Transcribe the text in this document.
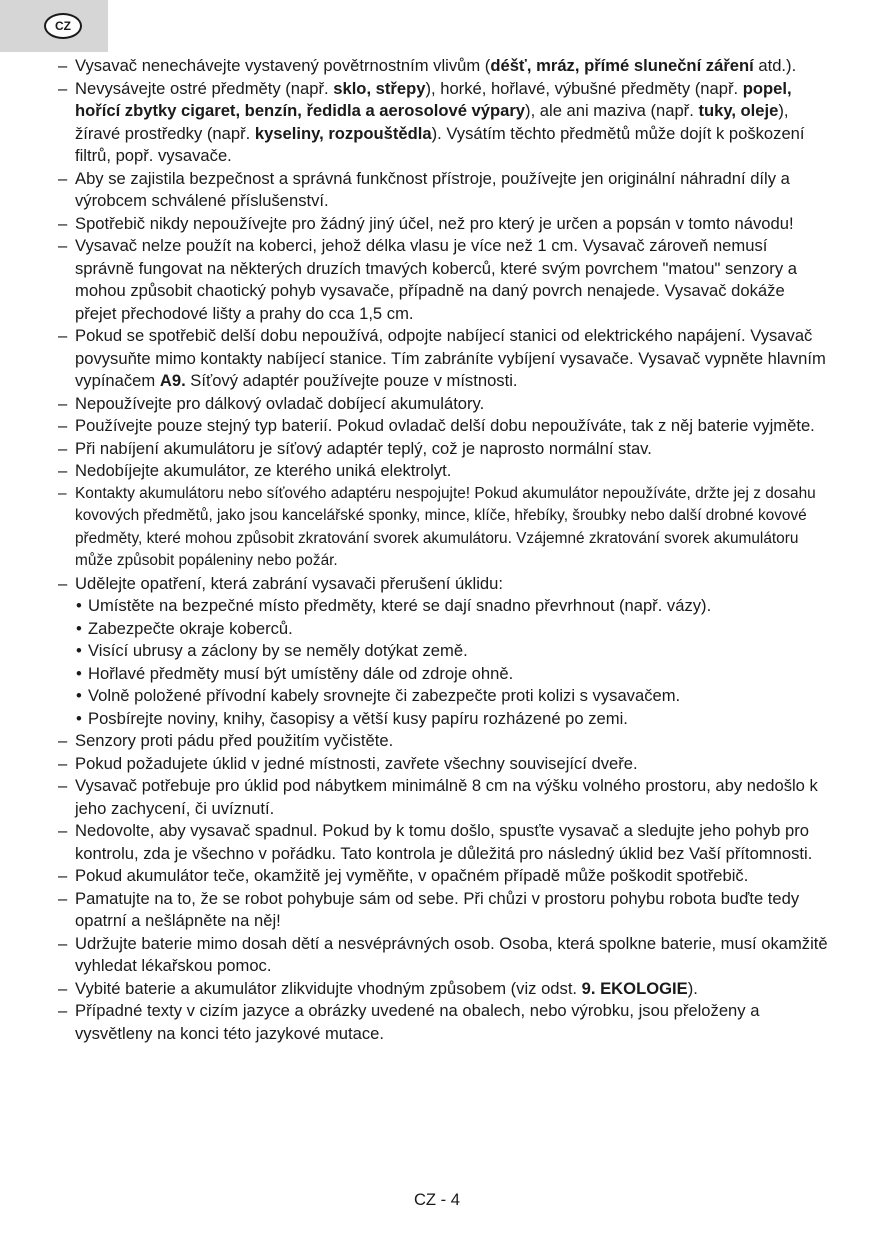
CZ
– Vysavač nenechávejte vystavený povětrnostním vlivům (déšť, mráz, přímé sluneční záření atd.).
– Nevysávejte ostré předměty (např. sklo, střepy), horké, hořlavé, výbušné předměty (např. popel, hořící zbytky cigaret, benzín, ředidla a aerosolové výpary), ale ani maziva (např. tuky, oleje), žíravé prostředky (např. kyseliny, rozpouštědla). Vysátím těchto předmětů může dojít k poškození filtrů, popř. vysavače.
– Aby se zajistila bezpečnost a správná funkčnost přístroje, používejte jen originální náhradní díly a výrobcem schválené příslušenství.
– Spotřebič nikdy nepoužívejte pro žádný jiný účel, než pro který je určen a popsán v tomto návodu!
– Vysavač nelze použít na koberci, jehož délka vlasu je více než 1 cm. Vysavač zároveň nemusí správně fungovat na některých druzích tmavých koberců, které svým povrchem "matou" senzory a mohou způsobit chaotický pohyb vysavače, případně na daný povrch nenajede. Vysavač dokáže přejet přechodové lišty a prahy do cca 1,5 cm.
– Pokud se spotřebič delší dobu nepoužívá, odpojte nabíjecí stanici od elektrického napájení. Vysavač povysuňte mimo kontakty nabíjecí stanice. Tím zabráníte vybíjení vysavače. Vysavač vypněte hlavním vypínačem A9. Síťový adaptér používejte pouze v místnosti.
– Nepoužívejte pro dálkový ovladač dobíjecí akumulátory.
– Používejte pouze stejný typ baterií. Pokud ovladač delší dobu nepoužíváte, tak z něj baterie vyjměte.
– Při nabíjení akumulátoru je síťový adaptér teplý, což je naprosto normální stav.
– Nedobíjejte akumulátor, ze kterého uniká elektrolyt.
– Kontakty akumulátoru nebo síťového adaptéru nespojujte! Pokud akumulátor nepoužíváte, držte jej z dosahu kovových předmětů, jako jsou kancelářské sponky, mince, klíče, hřebíky, šroubky nebo další drobné kovové předměty, které mohou způsobit zkratování svorek akumulátoru. Vzájemné zkratování svorek akumulátoru může způsobit popáleniny nebo požár.
– Udělejte opatření, která zabrání vysavači přerušení úklidu:
• Umístěte na bezpečné místo předměty, které se dají snadno převrhnout (např. vázy).
• Zabezpečte okraje koberců.
• Visící ubrusy a záclony by se neměly dotýkat země.
• Hořlavé předměty musí být umístěny dále od zdroje ohně.
• Volně položené přívodní kabely srovnejte či zabezpečte proti kolizi s vysavačem.
• Posbírejte noviny, knihy, časopisy a větší kusy papíru rozházené po zemi.
– Senzory proti pádu před použitím vyčistěte.
– Pokud požadujete úklid v jedné místnosti, zavřete všechny související dveře.
– Vysavač potřebuje pro úklid pod nábytkem minimálně 8 cm na výšku volného prostoru, aby nedošlo k jeho zachycení, či uvíznutí.
– Nedovolte, aby vysavač spadnul. Pokud by k tomu došlo, spusťte vysavač a sledujte jeho pohyb pro kontrolu, zda je všechno v pořádku. Tato kontrola je důležitá pro následný úklid bez Vaší přítomnosti.
– Pokud akumulátor teče, okamžitě jej vyměňte, v opačném případě může poškodit spotřebič.
– Pamatujte na to, že se robot pohybuje sám od sebe. Při chůzi v prostoru pohybu robota buďte tedy opatrní a nešlápněte na něj!
– Udržujte baterie mimo dosah dětí a nesvéprávných osob. Osoba, která spolkne baterie, musí okamžitě vyhledat lékařskou pomoc.
– Vybité baterie a akumulátor zlikvidujte vhodným způsobem (viz odst. 9. EKOLOGIE).
– Případné texty v cizím jazyce a obrázky uvedené na obalech, nebo výrobku, jsou přeloženy a vysvětleny na konci této jazykové mutace.
CZ - 4
